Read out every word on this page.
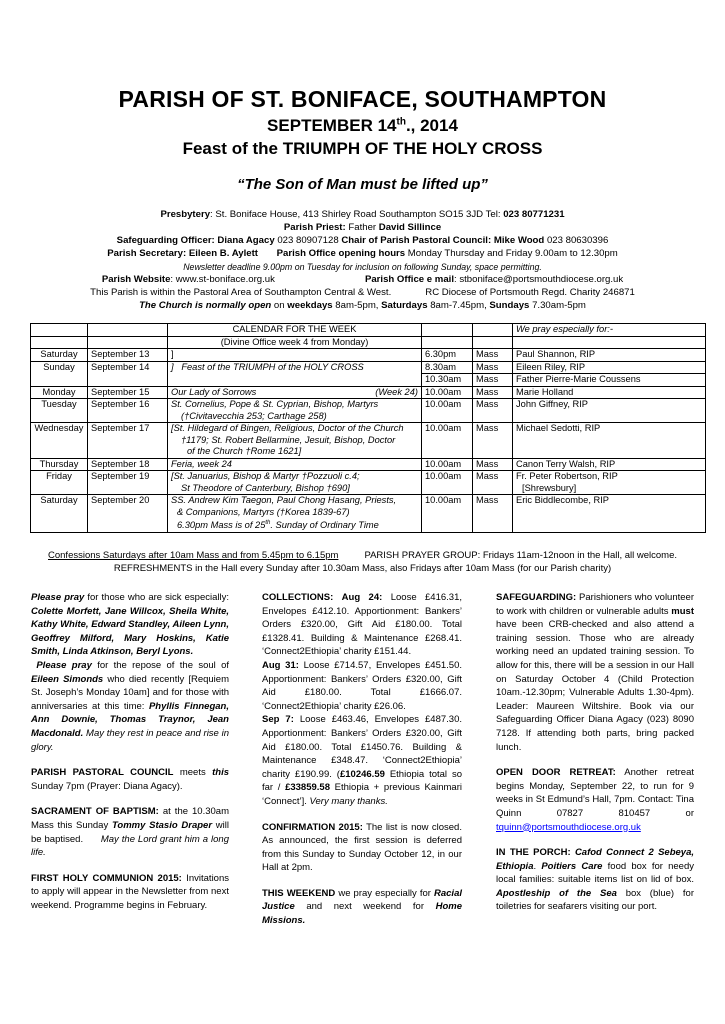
PARISH OF ST. BONIFACE, SOUTHAMPTON
SEPTEMBER 14th., 2014
Feast of the TRIUMPH OF THE HOLY CROSS
“The Son of Man must be lifted up”
Presbytery: St. Boniface House, 413 Shirley Road Southampton SO15 3JD Tel: 023 80771231
Parish Priest: Father David Sillince
Safeguarding Officer: Diana Agacy 023 80907128 Chair of Parish Pastoral Council: Mike Wood 023 80630396
Parish Secretary: Eileen B. Aylett       Parish Office opening hours Monday Thursday and Friday 9.00am to 12.30pm
Newsletter deadline 9.00pm on Tuesday for inclusion on following Sunday, space permitting.
Parish Website: www.st-boniface.org.uk	Parish Office e mail: stboniface@portsmouthdiocese.org.uk
This Parish is within the Pastoral Area of Southampton Central & West.	RC Diocese of Portsmouth Regd. Charity 246871
The Church is normally open on weekdays 8am-5pm, Saturdays 8am-7.45pm, Sundays 7.30am-5pm
		CALENDAR FOR THE WEEK			We pray especially for:-
		(Divine Office week 4 from Monday)			
Saturday	September 13	]	6.30pm	Mass	Paul Shannon, RIP
Sunday	September 14	]   Feast of the TRIUMPH of the HOLY CROSS	8.30am	Mass	Eileen Riley, RIP
			10.30am	Mass	Father Pierre-Marie Coussens
Monday	September 15	Our Lady of Sorrows (Week 24)	10.00am	Mass	Marie Holland
Tuesday	September 16	St. Cornelius, Pope & St. Cyprian, Bishop, Martyrs
(†Civitavecchia 253; Carthage 258)	10.00am	Mass	John Giffney, RIP
Wednesday	September 17	[St. Hildegard of Bingen, Religious, Doctor of the Church
†1179; St. Robert Bellarmine, Jesuit, Bishop, Doctor
of the Church †Rome 1621]	10.00am	Mass	Michael Sedotti, RIP
Thursday	September 18	Feria, week 24	10.00am	Mass	Canon Terry Walsh, RIP
Friday	September 19	[St. Januarius, Bishop & Martyr †Pozzuoli c.4;
St Theodore of Canterbury, Bishop †690]	10.00am	Mass	Fr. Peter Robertson, RIP
[Shrewsbury]
Saturday	September 20	SS. Andrew Kim Taegon, Paul Chong Hasang, Priests,
& Companions, Martyrs (†Korea 1839-67)
6.30pm Mass is of 25th. Sunday of Ordinary Time	10.00am	Mass	Eric Biddlecombe, RIP
Confessions Saturdays after 10am Mass and from 5.45pm to 6.15pm	PARISH PRAYER GROUP: Fridays 11am-12noon in the Hall, all welcome.
REFRESHMENTS in the Hall every Sunday after 10.30am Mass, also Fridays after 10am Mass (for our Parish charity)

Please pray for those who are sick especially: Colette Morfett, Jane Willcox, Sheila White, Kathy White, Edward Standley, Aileen Lynn, Geoffrey Milford, Mary Hoskins, Katie Smith, Linda Atkinson, Beryl Lyons.
Please pray for the repose of the soul of Eileen Simonds who died recently [Requiem St. Joseph’s Monday 10am] and for those with anniversaries at this time: Phyllis Finnegan, Ann Downie, Thomas Traynor, Jean Macdonald. May they rest in peace and rise in glory.

PARISH PASTORAL COUNCIL meets this Sunday 7pm (Prayer: Diana Agacy).

SACRAMENT OF BAPTISM: at the 10.30am Mass this Sunday Tommy Stasio Draper will be baptised.      May the Lord grant him a long life.

FIRST HOLY COMMUNION 2015: Invitations to apply will appear in the Newsletter from next weekend. Programme begins in February.

COLLECTIONS: Aug 24: Loose £416.31, Envelopes £412.10. Apportionment: Bankers’ Orders £320.00, Gift Aid £180.00. Total £1328.41. Building & Maintenance £268.41. ‘Connect2Ethiopia’ charity £151.44.
Aug 31: Loose £714.57, Envelopes £451.50. Apportionment: Bankers’ Orders £320.00, Gift Aid £180.00. Total £1666.07. ‘Connect2Ethiopia’ charity £26.06.
Sep 7: Loose £463.46, Envelopes £487.30. Apportionment: Bankers’ Orders £320.00, Gift Aid £180.00. Total £1450.76. Building & Maintenance £348.47. ‘Connect2Ethiopia’ charity £190.99. (£10246.59 Ethiopia total so far / £33859.58 Ethiopia + previous Kainmari ‘Connect’]. Very many thanks.

CONFIRMATION 2015: The list is now closed. As announced, the first session is deferred from this Sunday to Sunday October 12, in our Hall at 2pm.

THIS WEEKEND we pray especially for Racial Justice and next weekend for Home Missions.

SAFEGUARDING: Parishioners who volunteer to work with children or vulnerable adults must have been CRB-checked and also attend a training session. Those who are already working need an updated training session. To allow for this, there will be a session in our Hall on Saturday October 4 (Child Protection 10am.-12.30pm; Vulnerable Adults 1.30-4pm). Leader: Maureen Wiltshire. Book via our Safeguarding Officer Diana Agacy (023) 8090 7128. If attending both parts, bring packed lunch.

OPEN DOOR RETREAT: Another retreat begins Monday, September 22, to run for 9 weeks in St Edmund’s Hall, 7pm. Contact: Tina Quinn 07827 810457 or tquinn@portsmouthdiocese.org.uk

IN THE PORCH: Cafod Connect 2 Sebeya, Ethiopia. Poitiers Care food box for needy local families: suitable items list on lid of box. Apostleship of the Sea box (blue) for toiletries for seafarers visiting our port.
